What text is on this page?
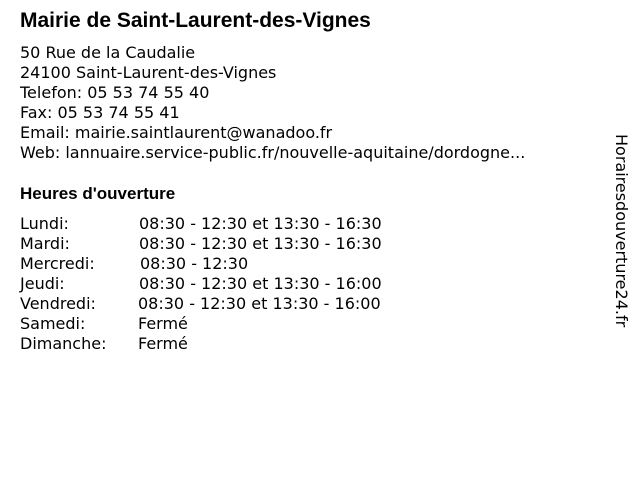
Mairie de Saint-Laurent-des-Vignes
50 Rue de la Caudalie
24100 Saint-Laurent-des-Vignes
Telefon: 05 53 74 55 40
Fax: 05 53 74 55 41
Email: mairie.saintlaurent@wanadoo.fr
Web: lannuaire.service-public.fr/nouvelle-aquitaine/dordogne...
Heures d'ouverture
Lundi:	08:30 - 12:30 et 13:30 - 16:30
Mardi:	08:30 - 12:30 et 13:30 - 16:30
Mercredi:	08:30 - 12:30
Jeudi:	08:30 - 12:30 et 13:30 - 16:00
Vendredi:	08:30 - 12:30 et 13:30 - 16:00
Samedi:	Fermé
Dimanche:	Fermé
Horairesdouverture24.fr
